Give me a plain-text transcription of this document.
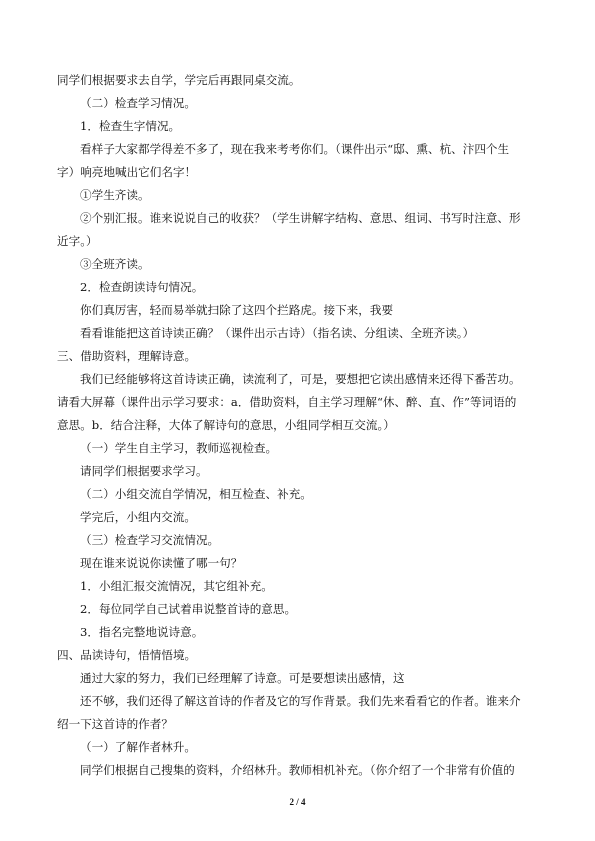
同学们根据要求去自学，学完后再跟同桌交流。
（二）检查学习情况。
1．检查生字情况。
看样子大家都学得差不多了，现在我来考考你们。（课件出示“邸、熏、杭、汴四个生
字）响亮地喊出它们名字！
①学生齐读。
②个别汇报。谁来说说自己的收获？（学生讲解字结构、意思、组词、书写时注意、形
近字。）
③全班齐读。
2．检查朗读诗句情况。
你们真厉害，轻而易举就扫除了这四个拦路虎。接下来，我要
看看谁能把这首诗读正确？（课件出示古诗）（指名读、分组读、全班齐读。）
三、借助资料，理解诗意。
我们已经能够将这首诗读正确，读流利了，可是，要想把它读出感情来还得下番苦功。
请看大屏幕（课件出示学习要求：a．借助资料，自主学习理解“休、醉、直、作”等词语的
意思。b．结合注释，大体了解诗句的意思，小组同学相互交流。）
（一）学生自主学习，教师巡视检查。
请同学们根据要求学习。
（二）小组交流自学情况，相互检查、补充。
学完后，小组内交流。
（三）检查学习交流情况。
现在谁来说说你读懂了哪一句？
1．小组汇报交流情况，其它组补充。
2．每位同学自己试着串说整首诗的意思。
3．指名完整地说诗意。
四、品读诗句，悟情悟境。
通过大家的努力，我们已经理解了诗意。可是要想读出感情，这
还不够，我们还得了解这首诗的作者及它的写作背景。我们先来看看它的作者。谁来介
绍一下这首诗的作者？
（一）了解作者林升。
同学们根据自己搜集的资料，介绍林升。教师相机补充。（你介绍了一个非常有价值的
2 / 4
